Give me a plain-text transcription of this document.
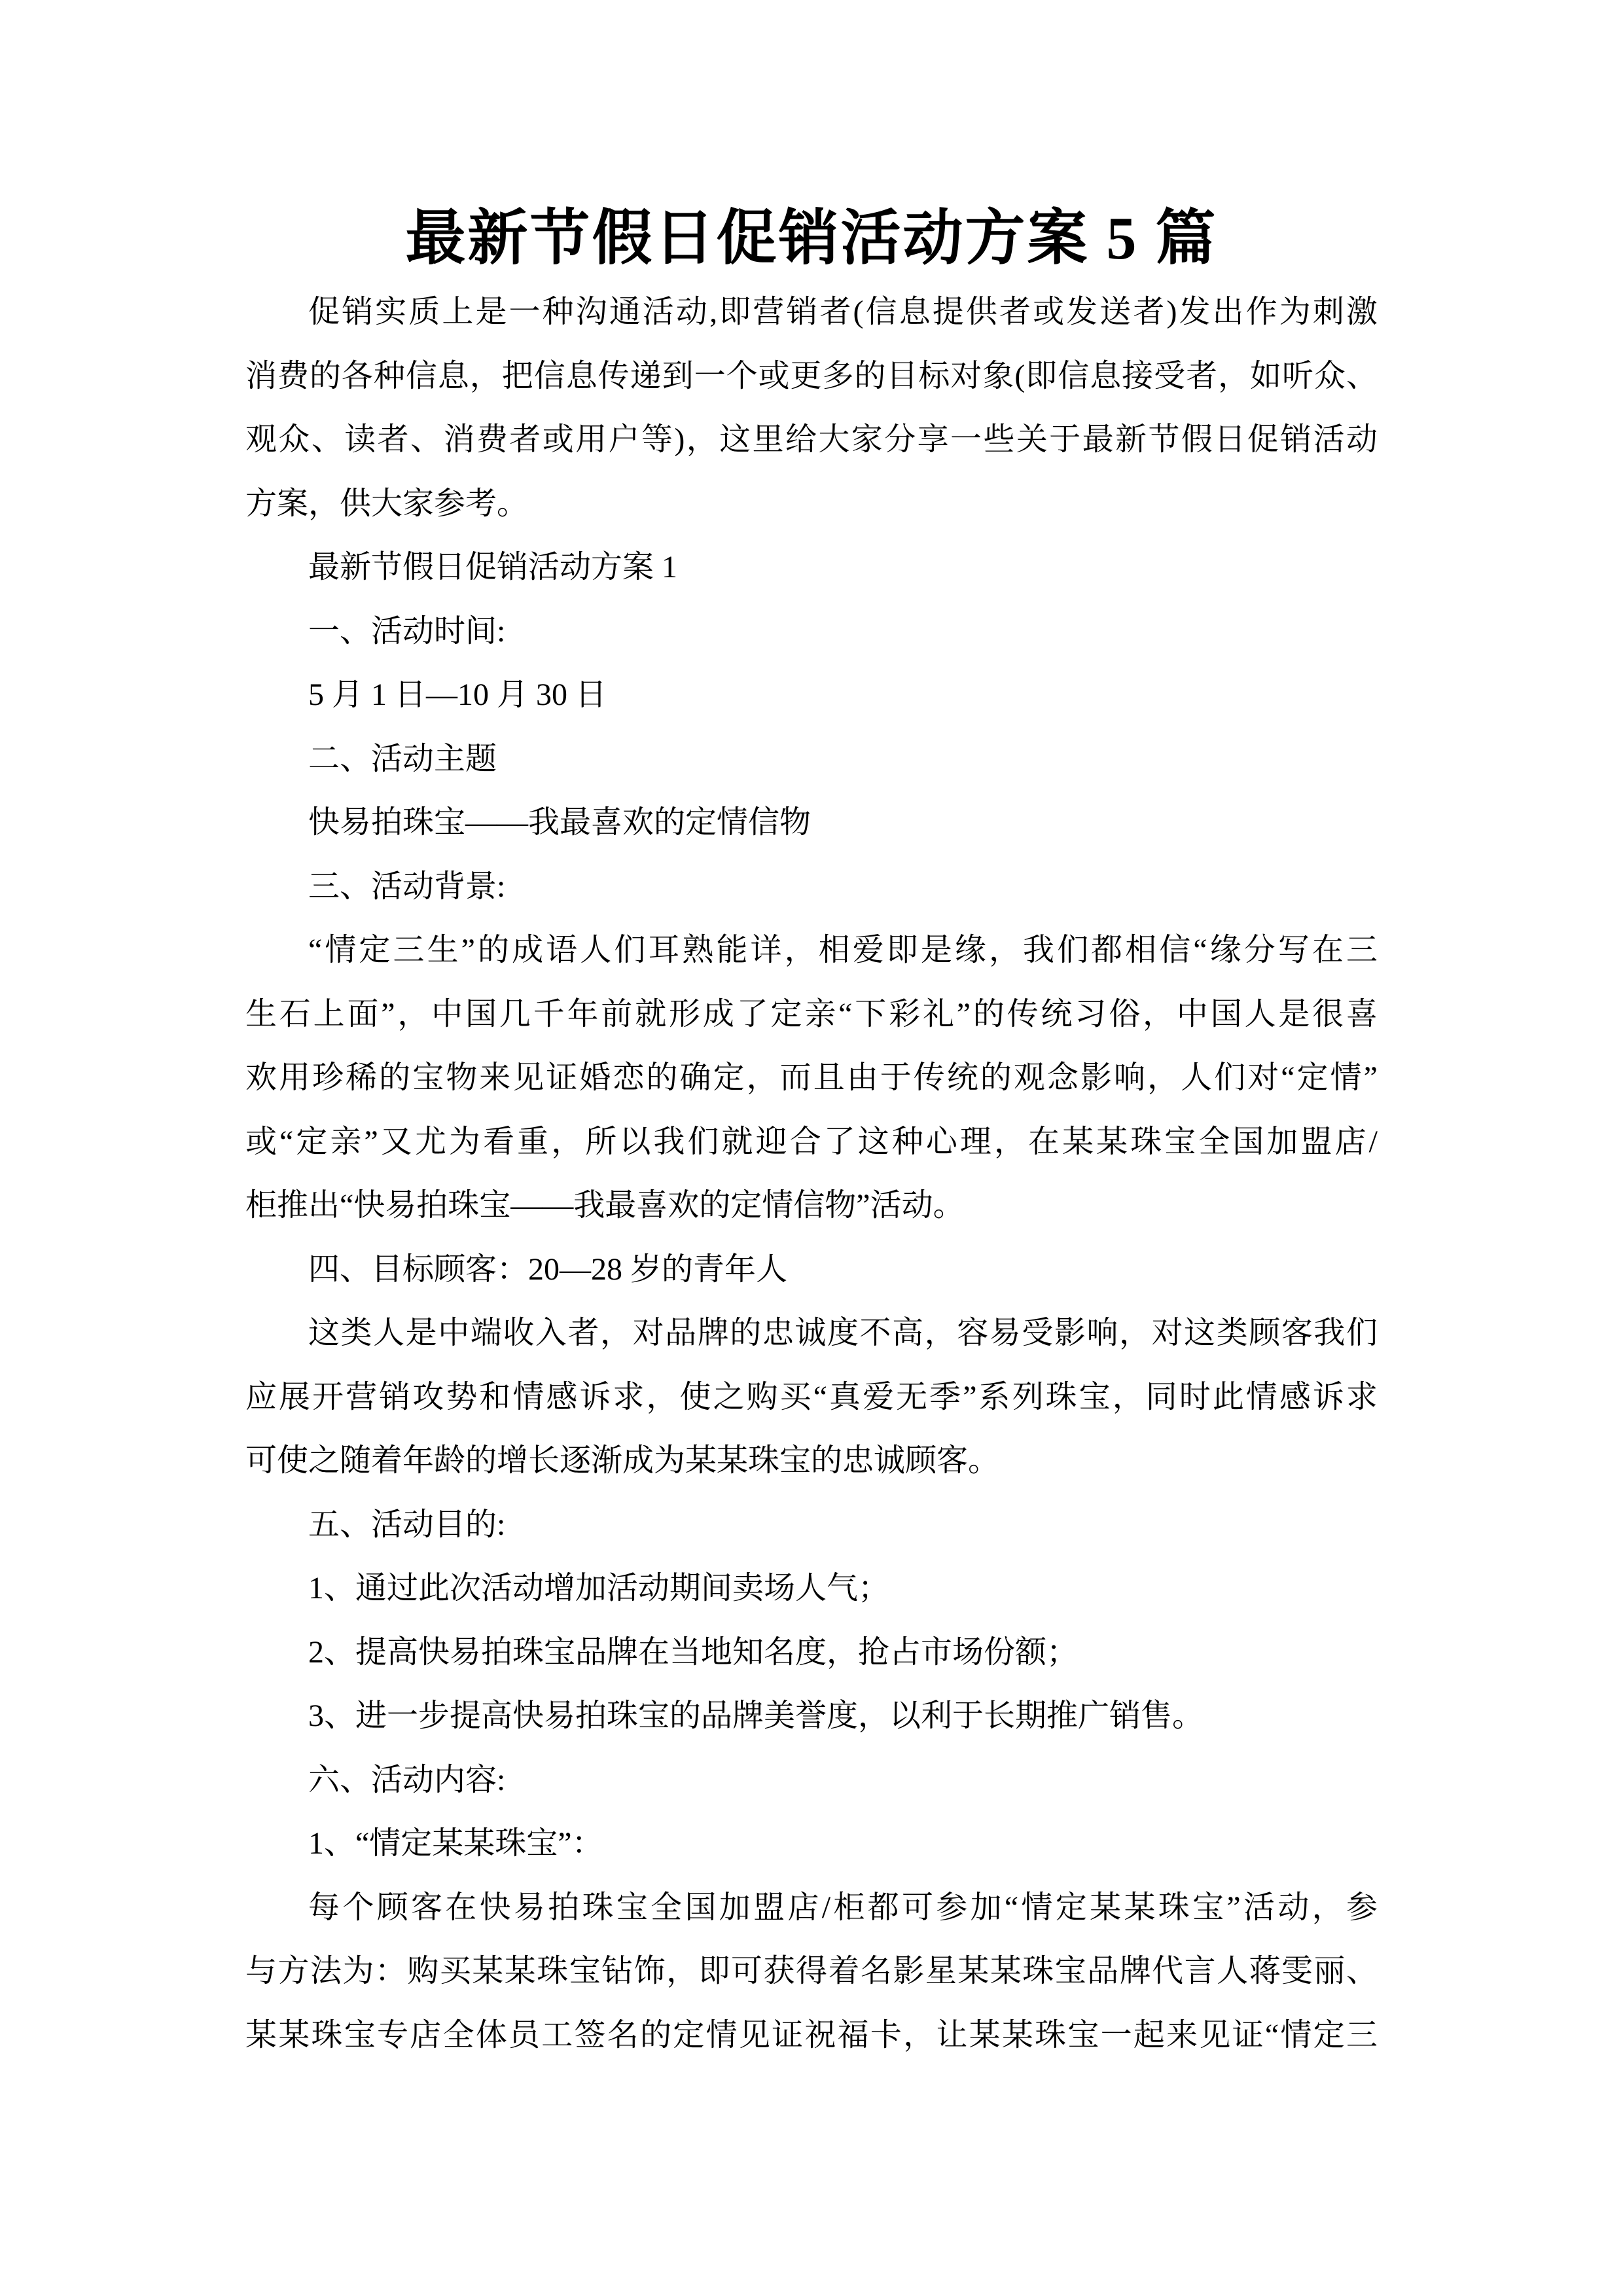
最新节假日促销活动方案 5 篇
促销实质上是一种沟通活动,即营销者(信息提供者或发送者)发出作为刺激
消费的各种信息，把信息传递到一个或更多的目标对象(即信息接受者，如听众、
观众、读者、消费者或用户等)，这里给大家分享一些关于最新节假日促销活动
方案，供大家参考。
最新节假日促销活动方案 1
一、活动时间:
5 月 1 日—10 月 30 日
二、活动主题
快易拍珠宝——我最喜欢的定情信物
三、活动背景:
“情定三生”的成语人们耳熟能详，相爱即是缘，我们都相信“缘分写在三
生石上面”，中国几千年前就形成了定亲“下彩礼”的传统习俗，中国人是很喜
欢用珍稀的宝物来见证婚恋的确定，而且由于传统的观念影响，人们对“定情”
或“定亲”又尤为看重，所以我们就迎合了这种心理，在某某珠宝全国加盟店/
柜推出“快易拍珠宝——我最喜欢的定情信物”活动。
四、目标顾客：20—28 岁的青年人
这类人是中端收入者，对品牌的忠诚度不高，容易受影响，对这类顾客我们
应展开营销攻势和情感诉求，使之购买“真爱无季”系列珠宝，同时此情感诉求
可使之随着年龄的增长逐渐成为某某珠宝的忠诚顾客。
五、活动目的:
1、通过此次活动增加活动期间卖场人气；
2、提高快易拍珠宝品牌在当地知名度，抢占市场份额；
3、进一步提高快易拍珠宝的品牌美誉度，以利于长期推广销售。
六、活动内容:
1、“情定某某珠宝”：
每个顾客在快易拍珠宝全国加盟店/柜都可参加“情定某某珠宝”活动，参
与方法为：购买某某珠宝钻饰，即可获得着名影星某某珠宝品牌代言人蒋雯丽、
某某珠宝专店全体员工签名的定情见证祝福卡，让某某珠宝一起来见证“情定三
